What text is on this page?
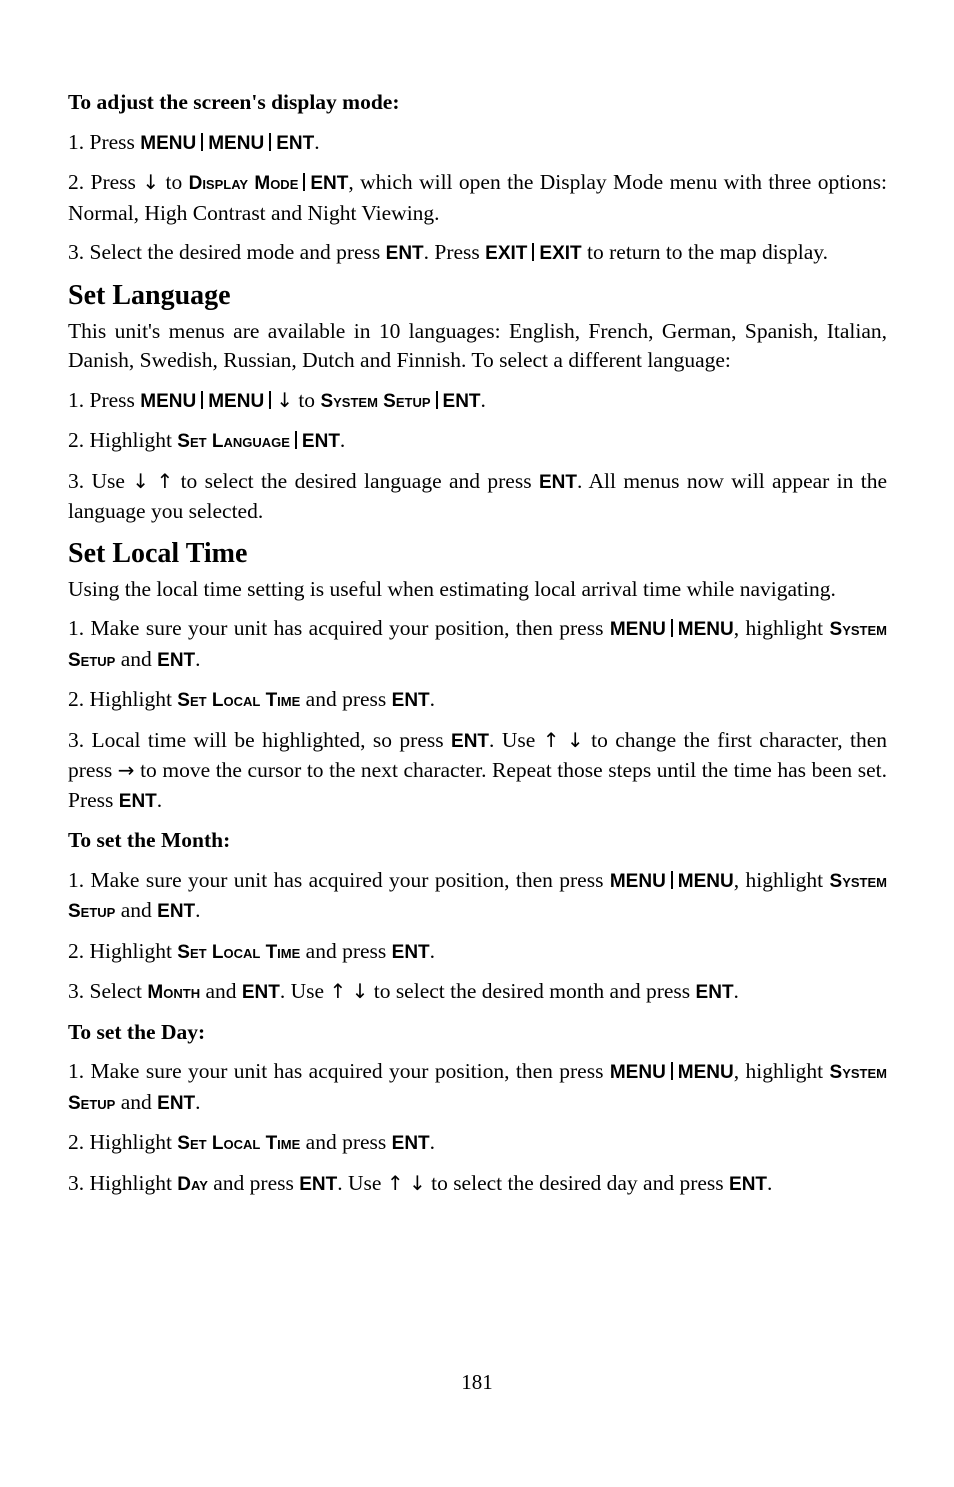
To adjust the screen's display mode:

1. Press MENU MENU ENT.

2. Press ↓ to Display Mode ENT, which will open the Display Mode menu with three options: Normal, High Contrast and Night Viewing.

3. Select the desired mode and press ENT. Press EXIT EXIT to return to the map display.

Set Language

This unit's menus are available in 10 languages: English, French, German, Spanish, Italian, Danish, Swedish, Russian, Dutch and Finnish. To select a different language:

1. Press MENU MENU ↓ to System Setup ENT.

2. Highlight Set Language ENT.

3. Use ↓ ↑ to select the desired language and press ENT. All menus now will appear in the language you selected.

Set Local Time

Using the local time setting is useful when estimating local arrival time while navigating.

1. Make sure your unit has acquired your position, then press MENU MENU, highlight System Setup and ENT.

2. Highlight Set Local Time and press ENT.

3. Local time will be highlighted, so press ENT. Use ↑ ↓ to change the first character, then press → to move the cursor to the next character. Repeat those steps until the time has been set. Press ENT.

To set the Month:

1. Make sure your unit has acquired your position, then press MENU MENU, highlight System Setup and ENT.

2. Highlight Set Local Time and press ENT.

3. Select Month and ENT. Use ↑ ↓ to select the desired month and press ENT.

To set the Day:

1. Make sure your unit has acquired your position, then press MENU MENU, highlight System Setup and ENT.

2. Highlight Set Local Time and press ENT.

3. Highlight Day and press ENT. Use ↑ ↓ to select the desired day and press ENT.

181
